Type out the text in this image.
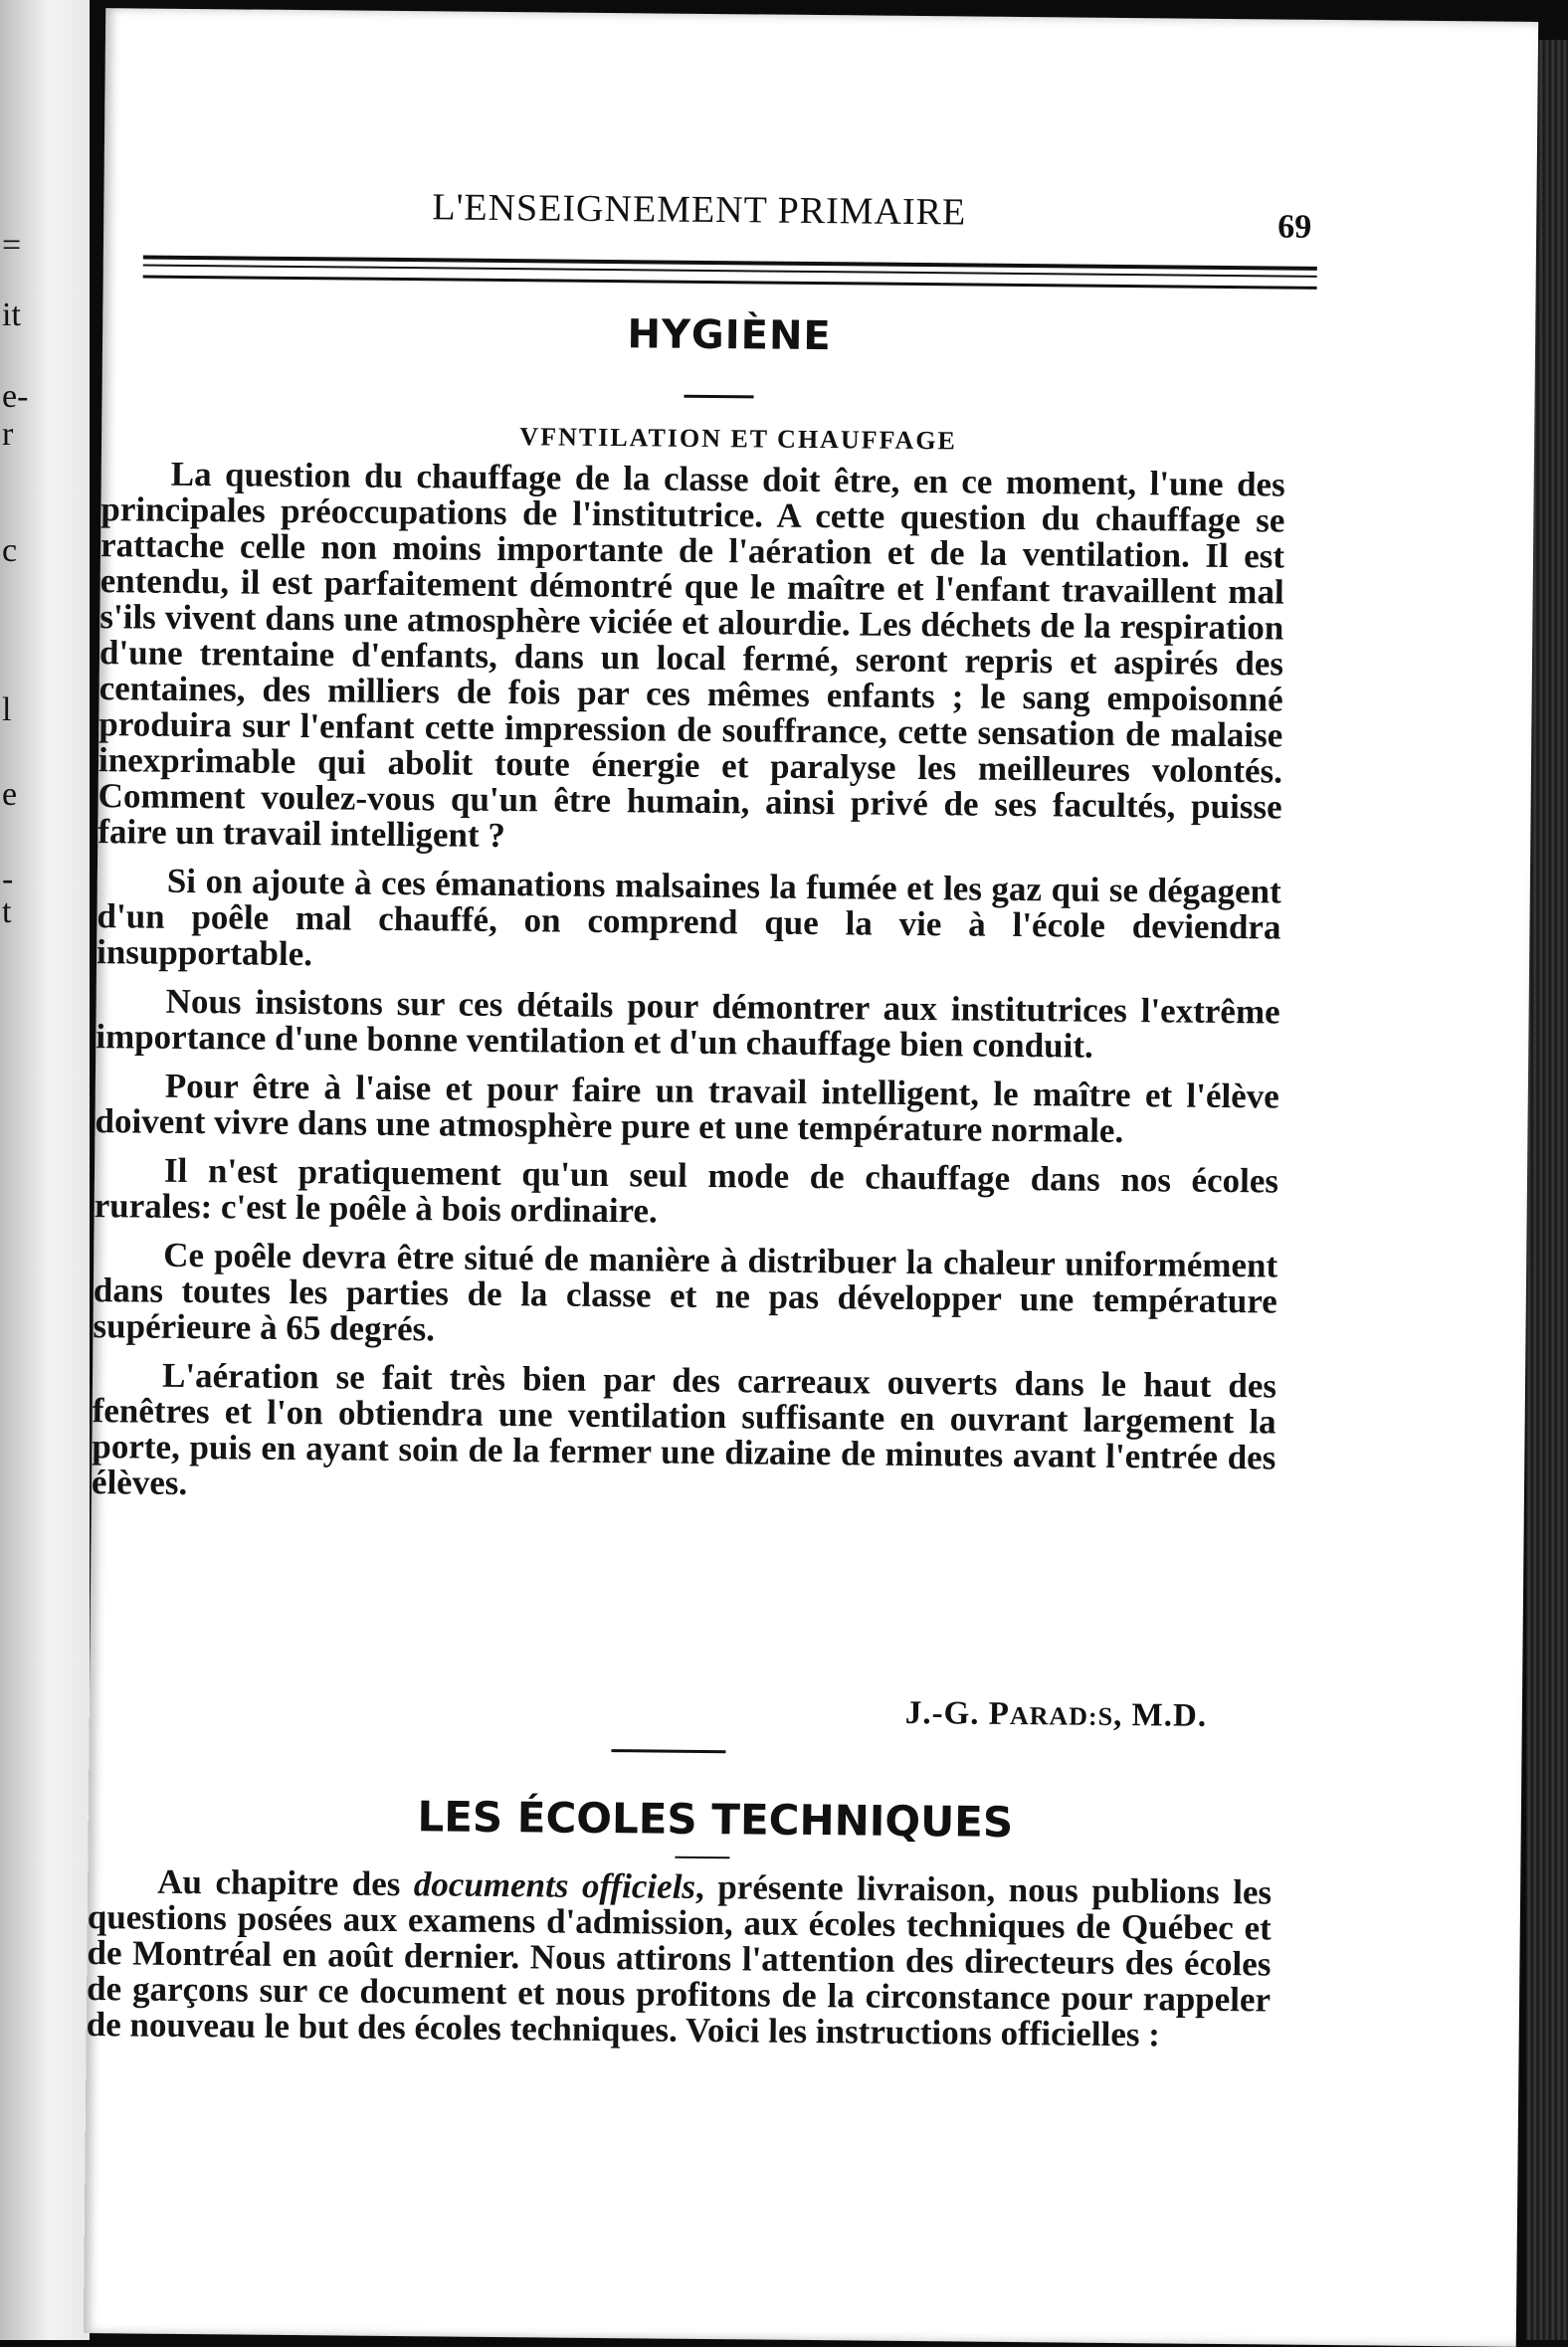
=
it
e-
r
c
l
e
-
t
L'ENSEIGNEMENT PRIMAIRE	69
HYGIÈNE
VFNTILATION ET CHAUFFAGE

La question du chauffage de la classe doit être, en ce moment, l'une des principales préoccupations de l'institutrice. A cette question du chauffage se rattache celle non moins importante de l'aération et de la ventilation. Il est entendu, il est parfaitement démontré que le maître et l'enfant travaillent mal s'ils vivent dans une atmosphère viciée et alourdie. Les déchets de la respiration d'une trentaine d'enfants, dans un local fermé, seront repris et aspirés des centaines, des milliers de fois par ces mêmes enfants ; le sang empoisonné produira sur l'enfant cette impression de souffrance, cette sensation de malaise inexprimable qui abolit toute énergie et paralyse les meilleures volontés. Comment voulez-vous qu'un être humain, ainsi privé de ses facultés, puisse faire un travail intelligent ?

Si on ajoute à ces émanations malsaines la fumée et les gaz qui se dégagent d'un poêle mal chauffé, on comprend que la vie à l'école deviendra insupportable.

Nous insistons sur ces détails pour démontrer aux institutrices l'extrême importance d'une bonne ventilation et d'un chauffage bien conduit.

Pour être à l'aise et pour faire un travail intelligent, le maître et l'élève doivent vivre dans une atmosphère pure et une température normale.

Il n'est pratiquement qu'un seul mode de chauffage dans nos écoles rurales: c'est le poêle à bois ordinaire.

Ce poêle devra être situé de manière à distribuer la chaleur uniformément dans toutes les parties de la classe et ne pas développer une température supérieure à 65 degrés.

L'aération se fait très bien par des carreaux ouverts dans le haut des fenêtres et l'on obtiendra une ventilation suffisante en ouvrant largement la porte, puis en ayant soin de la fermer une dizaine de minutes avant l'entrée des élèves.

J.-G. PARAD:S, M.D.
LES ÉCOLES TECHNIQUES

Au chapitre des documents officiels, présente livraison, nous publions les questions posées aux examens d'admission, aux écoles techniques de Québec et de Montréal en août dernier. Nous attirons l'attention des directeurs des écoles de garçons sur ce document et nous profitons de la circonstance pour rappeler de nouveau le but des écoles techniques. Voici les instructions officielles :
